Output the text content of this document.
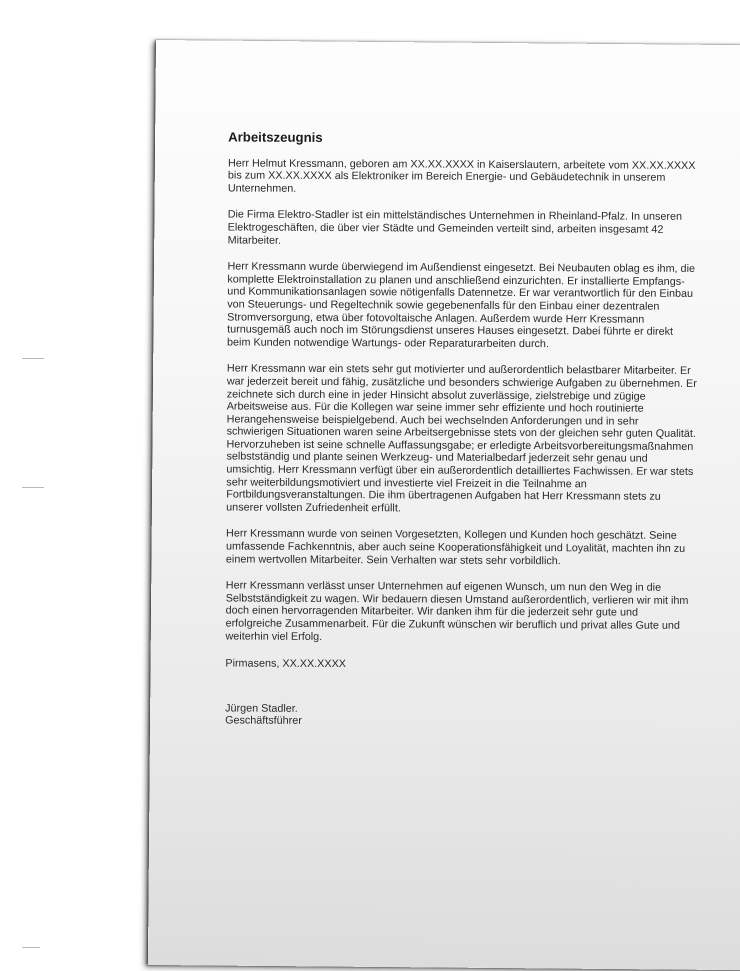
Arbeitszeugnis

Herr Helmut Kressmann, geboren am XX.XX.XXXX in Kaiserslautern, arbeitete vom XX.XX.XXXX bis zum XX.XX.XXXX als Elektroniker im Bereich Energie- und Gebäudetechnik in unserem Unternehmen.

Die Firma Elektro-Stadler ist ein mittelständisches Unternehmen in Rheinland-Pfalz. In unseren Elektrogeschäften, die über vier Städte und Gemeinden verteilt sind, arbeiten insgesamt 42 Mitarbeiter.

Herr Kressmann wurde überwiegend im Außendienst eingesetzt. Bei Neubauten oblag es ihm, die komplette Elektroinstallation zu planen und anschließend einzurichten. Er installierte Empfangs- und Kommunikationsanlagen sowie nötigenfalls Datennetze. Er war verantwortlich für den Einbau von Steuerungs- und Regeltechnik sowie gegebenenfalls für den Einbau einer dezentralen Stromversorgung, etwa über fotovoltaische Anlagen. Außerdem wurde Herr Kressmann turnusgemäß auch noch im Störungsdienst unseres Hauses eingesetzt. Dabei führte er direkt beim Kunden notwendige Wartungs- oder Reparaturarbeiten durch.

Herr Kressmann war ein stets sehr gut motivierter und außerordentlich belastbarer Mitarbeiter. Er war jederzeit bereit und fähig, zusätzliche und besonders schwierige Aufgaben zu übernehmen. Er zeichnete sich durch eine in jeder Hinsicht absolut zuverlässige, zielstrebige und zügige Arbeitsweise aus. Für die Kollegen war seine immer sehr effiziente und hoch routinierte Herangehensweise beispielgebend. Auch bei wechselnden Anforderungen und in sehr schwierigen Situationen waren seine Arbeitsergebnisse stets von der gleichen sehr guten Qualität. Hervorzuheben ist seine schnelle Auffassungsgabe; er erledigte Arbeitsvorbereitungsmaßnahmen selbstständig und plante seinen Werkzeug- und Materialbedarf jederzeit sehr genau und umsichtig. Herr Kressmann verfügt über ein außerordentlich detailliertes Fachwissen. Er war stets sehr weiterbildungsmotiviert und investierte viel Freizeit in die Teilnahme an Fortbildungsveranstaltungen. Die ihm übertragenen Aufgaben hat Herr Kressmann stets zu unserer vollsten Zufriedenheit erfüllt.

Herr Kressmann wurde von seinen Vorgesetzten, Kollegen und Kunden hoch geschätzt. Seine umfassende Fachkenntnis, aber auch seine Kooperationsfähigkeit und Loyalität, machten ihn zu einem wertvollen Mitarbeiter. Sein Verhalten war stets sehr vorbildlich.

Herr Kressmann verlässt unser Unternehmen auf eigenen Wunsch, um nun den Weg in die Selbstständigkeit zu wagen. Wir bedauern diesen Umstand außerordentlich, verlieren wir mit ihm doch einen hervorragenden Mitarbeiter. Wir danken ihm für die jederzeit sehr gute und erfolgreiche Zusammenarbeit. Für die Zukunft wünschen wir beruflich und privat alles Gute und weiterhin viel Erfolg.

Pirmasens, XX.XX.XXXX

Jürgen Stadler.

Geschäftsführer
